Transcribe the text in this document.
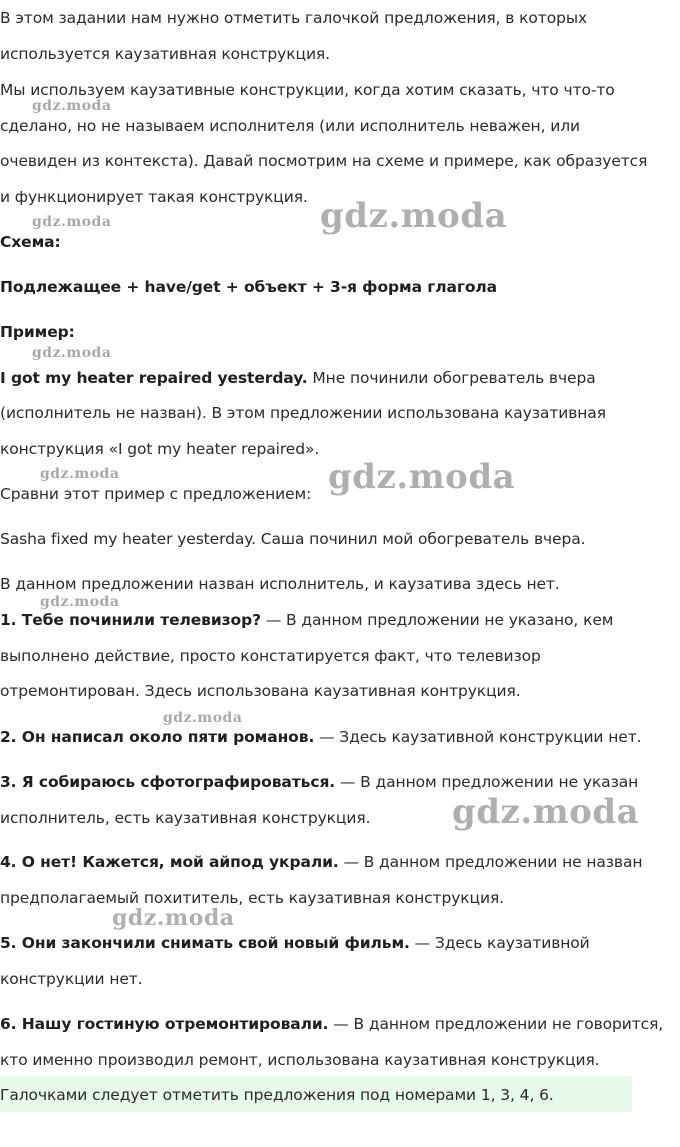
В этом задании нам нужно отметить галочкой предложения, в которых
используется каузативная конструкция.
Мы используем каузативные конструкции, когда хотим сказать, что что-то
сделано, но не называем исполнителя (или исполнитель неважен, или
очевиден из контекста). Давай посмотрим на схеме и примере, как образуется
и функционирует такая конструкция.
Схема:
Подлежащее + have/get + объект + 3-я форма глагола
Пример:
I got my heater repaired yesterday. Мне починили обогреватель вчера
(исполнитель не назван). В этом предложении использована каузативная
конструкция «I got my heater repaired».
Сравни этот пример с предложением:
Sasha fixed my heater yesterday. Саша починил мой обогреватель вчера.
В данном предложении назван исполнитель, и каузатива здесь нет.
1. Тебе починили телевизор? — В данном предложении не указано, кем
выполнено действие, просто констатируется факт, что телевизор
отремонтирован. Здесь использована каузативная контрукция.
2. Он написал около пяти романов. — Здесь каузативной конструкции нет.
3. Я собираюсь сфотографироваться. — В данном предложении не указан
исполнитель, есть каузативная конструкция.
4. О нет! Кажется, мой айпод украли. — В данном предложении не назван
предполагаемый похититель, есть каузативная конструкция.
5. Они закончили снимать свой новый фильм. — Здесь каузативной
конструкции нет.
6. Нашу гостиную отремонтировали. — В данном предложении не говорится,
кто именно производил ремонт, использована каузативная конструкция.
Галочками следует отметить предложения под номерами 1, 3, 4, 6.
gdz.moda
gdz.moda	gdz.moda
gdz.moda
gdz.moda	gdz.moda
gdz.moda
gdz.moda
gdz.moda
gdz.moda
